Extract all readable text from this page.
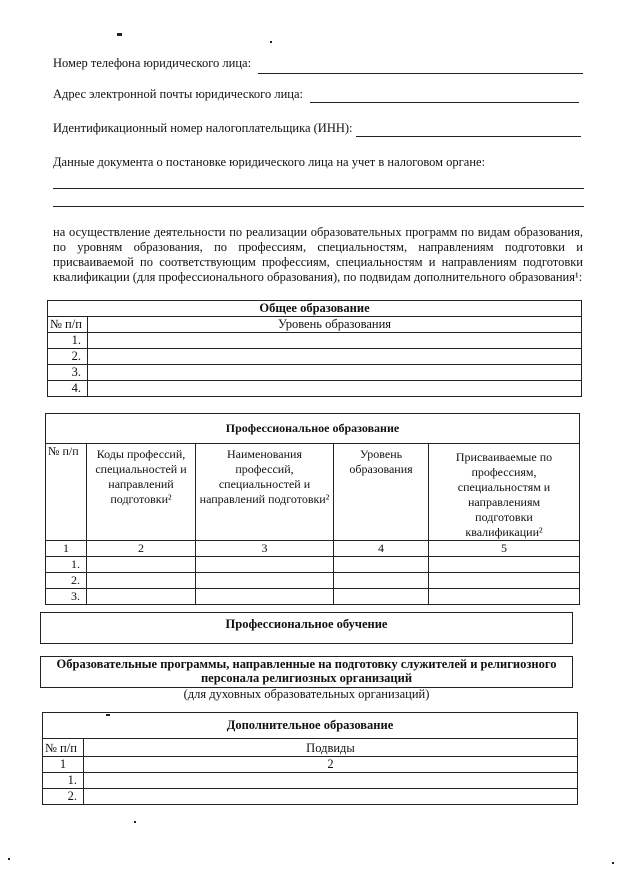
Номер телефона юридического лица:
Адрес электронной почты юридического лица:
Идентификационный номер налогоплательщика (ИНН):
Данные документа о постановке юридического лица на учет в налоговом органе:
на осуществление деятельности по реализации образовательных программ по видам образования, по уровням образования, по профессиям, специальностям, направлениям подготовки и присваиваемой по соответствующим профессиям, специальностям и направлениям подготовки квалификации (для профессионального образования), по подвидам дополнительного образования¹:
Общее образование	
№ п/п	Уровень образования
1.	
2.	
3.	
4.	
Профессиональное образование				
№ п/п	Коды профессий, специальностей и направлений подготовки²	Наименования профессий, специальностей и направлений подготовки²	Уровень образования	Присваиваемые по профессиям, специальностям и направлениям подготовки квалификации²
1	2	3	4	5
1.				
2.				
3.				
Профессиональное обучение
Образовательные программы, направленные на подготовку служителей и религиозного персонала религиозных организаций
(для духовных образовательных организаций)
Дополнительное образование	
№ п/п	Подвиды
1	2
1.	
2.	
